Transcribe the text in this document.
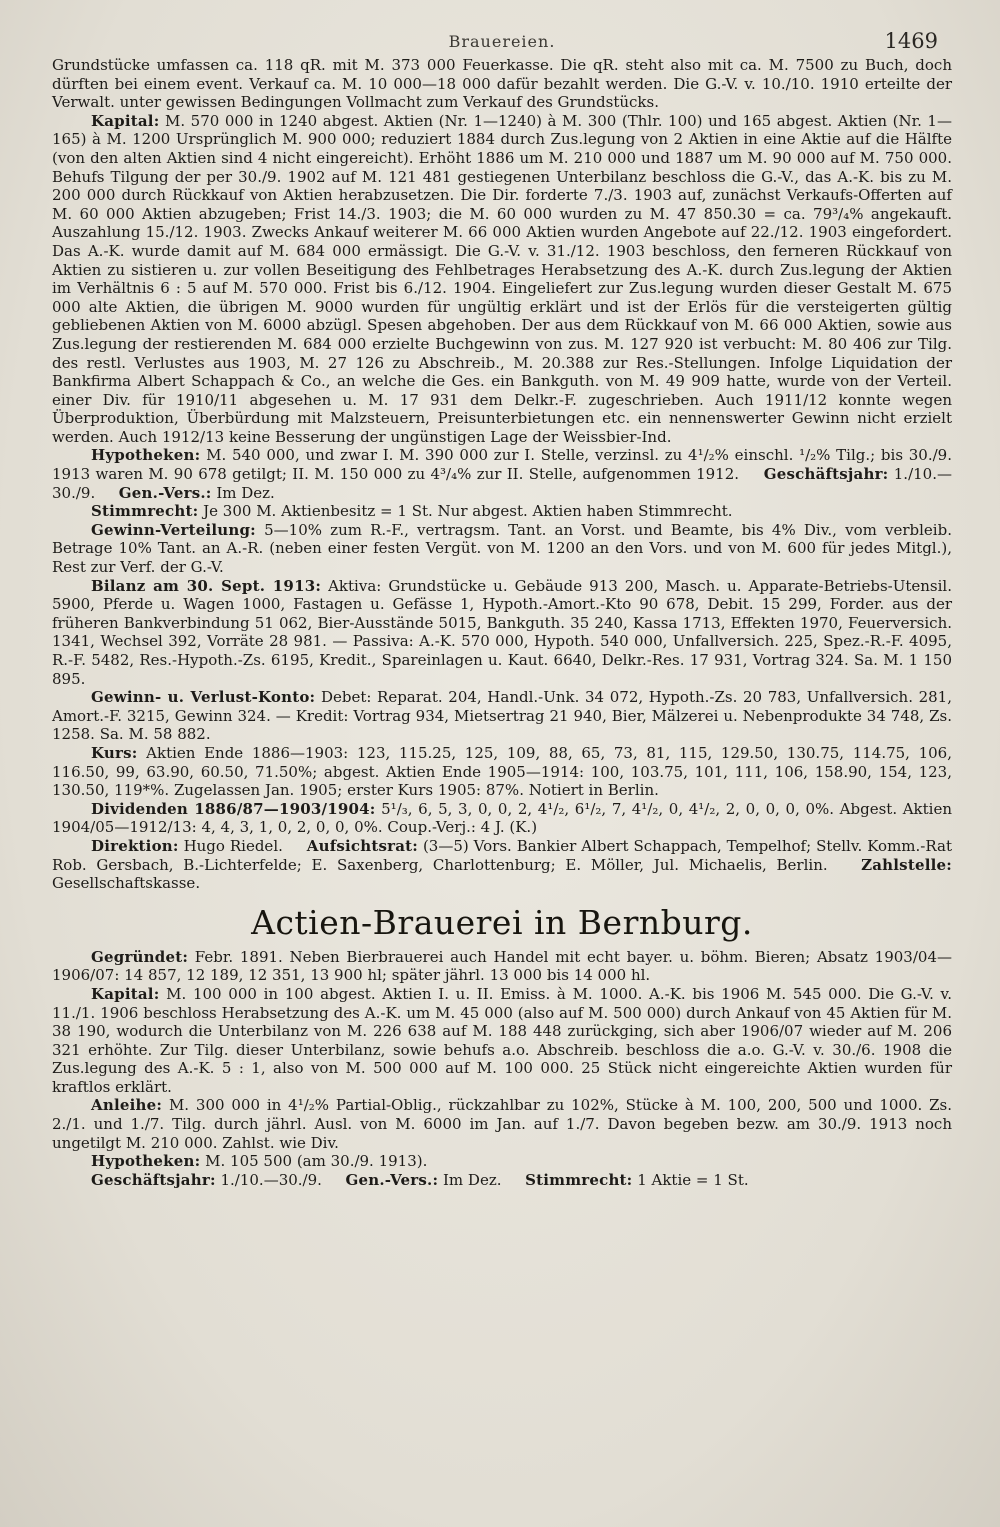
Brauereien.	1469

Grundstücke umfassen ca. 118 qR. mit M. 373 000 Feuerkasse. Die qR. steht also mit ca. M. 7500 zu Buch, doch dürften bei einem event. Verkauf ca. M. 10 000—18 000 dafür bezahlt werden. Die G.-V. v. 10./10. 1910 erteilte der Verwalt. unter gewissen Bedingungen Vollmacht zum Verkauf des Grundstücks.

Kapital: M. 570 000 in 1240 abgest. Aktien (Nr. 1—1240) à M. 300 (Thlr. 100) und 165 abgest. Aktien (Nr. 1—165) à M. 1200 Ursprünglich M. 900 000; reduziert 1884 durch Zus.legung von 2 Aktien in eine Aktie auf die Hälfte (von den alten Aktien sind 4 nicht eingereicht). Erhöht 1886 um M. 210 000 und 1887 um M. 90 000 auf M. 750 000. Behufs Tilgung der per 30./9. 1902 auf M. 121 481 gestiegenen Unterbilanz beschloss die G.-V., das A.-K. bis zu M. 200 000 durch Rückkauf von Aktien herabzusetzen. Die Dir. forderte 7./3. 1903 auf, zunächst Verkaufs-Offerten auf M. 60 000 Aktien abzugeben; Frist 14./3. 1903; die M. 60 000 wurden zu M. 47 850.30 = ca. 79³/₄% angekauft. Auszahlung 15./12. 1903. Zwecks Ankauf weiterer M. 66 000 Aktien wurden Angebote auf 22./12. 1903 eingefordert. Das A.-K. wurde damit auf M. 684 000 ermässigt. Die G.-V. v. 31./12. 1903 beschloss, den ferneren Rückkauf von Aktien zu sistieren u. zur vollen Beseitigung des Fehlbetrages Herabsetzung des A.-K. durch Zus.legung der Aktien im Verhältnis 6 : 5 auf M. 570 000. Frist bis 6./12. 1904. Eingeliefert zur Zus.legung wurden dieser Gestalt M. 675 000 alte Aktien, die übrigen M. 9000 wurden für ungültig erklärt und ist der Erlös für die versteigerten gültig gebliebenen Aktien von M. 6000 abzügl. Spesen abgehoben. Der aus dem Rückkauf von M. 66 000 Aktien, sowie aus Zus.legung der restierenden M. 684 000 erzielte Buchgewinn von zus. M. 127 920 ist verbucht: M. 80 406 zur Tilg. des restl. Verlustes aus 1903, M. 27 126 zu Abschreib., M. 20.388 zur Res.-Stellungen. Infolge Liquidation der Bankfirma Albert Schappach & Co., an welche die Ges. ein Bankguth. von M. 49 909 hatte, wurde von der Verteil. einer Div. für 1910/11 abgesehen u. M. 17 931 dem Delkr.-F. zugeschrieben. Auch 1911/12 konnte wegen Überproduktion, Überbürdung mit Malzsteuern, Preisunterbietungen etc. ein nennenswerter Gewinn nicht erzielt werden. Auch 1912/13 keine Besserung der ungünstigen Lage der Weissbier-Ind.

Hypotheken: M. 540 000, und zwar I. M. 390 000 zur I. Stelle, verzinsl. zu 4¹/₂% einschl. ¹/₂% Tilg.; bis 30./9. 1913 waren M. 90 678 getilgt; II. M. 150 000 zu 4³/₄% zur II. Stelle, aufgenommen 1912. Geschäftsjahr: 1./10.—30./9. Gen.-Vers.: Im Dez.

Stimmrecht: Je 300 M. Aktienbesitz = 1 St. Nur abgest. Aktien haben Stimmrecht.

Gewinn-Verteilung: 5—10% zum R.-F., vertragsm. Tant. an Vorst. und Beamte, bis 4% Div., vom verbleib. Betrage 10% Tant. an A.-R. (neben einer festen Vergüt. von M. 1200 an den Vors. und von M. 600 für jedes Mitgl.), Rest zur Verf. der G.-V.

Bilanz am 30. Sept. 1913: Aktiva: Grundstücke u. Gebäude 913 200, Masch. u. Apparate-Betriebs-Utensil. 5900, Pferde u. Wagen 1000, Fastagen u. Gefässe 1, Hypoth.-Amort.-Kto 90 678, Debit. 15 299, Forder. aus der früheren Bankverbindung 51 062, Bier-Ausstände 5015, Bankguth. 35 240, Kassa 1713, Effekten 1970, Feuerversich. 1341, Wechsel 392, Vorräte 28 981. — Passiva: A.-K. 570 000, Hypoth. 540 000, Unfallversich. 225, Spez.-R.-F. 4095, R.-F. 5482, Res.-Hypoth.-Zs. 6195, Kredit., Spareinlagen u. Kaut. 6640, Delkr.-Res. 17 931, Vortrag 324. Sa. M. 1 150 895.

Gewinn- u. Verlust-Konto: Debet: Reparat. 204, Handl.-Unk. 34 072, Hypoth.-Zs. 20 783, Unfallversich. 281, Amort.-F. 3215, Gewinn 324. — Kredit: Vortrag 934, Mietsertrag 21 940, Bier, Mälzerei u. Nebenprodukte 34 748, Zs. 1258. Sa. M. 58 882.

Kurs: Aktien Ende 1886—1903: 123, 115.25, 125, 109, 88, 65, 73, 81, 115, 129.50, 130.75, 114.75, 106, 116.50, 99, 63.90, 60.50, 71.50%; abgest. Aktien Ende 1905—1914: 100, 103.75, 101, 111, 106, 158.90, 154, 123, 130.50, 119*%. Zugelassen Jan. 1905; erster Kurs 1905: 87%. Notiert in Berlin.

Dividenden 1886/87—1903/1904: 5¹/₃, 6, 5, 3, 0, 0, 2, 4¹/₂, 6¹/₂, 7, 4¹/₂, 0, 4¹/₂, 2, 0, 0, 0, 0%. Abgest. Aktien 1904/05—1912/13: 4, 4, 3, 1, 0, 2, 0, 0, 0%. Coup.-Verj.: 4 J. (K.)

Direktion: Hugo Riedel. Aufsichtsrat: (3—5) Vors. Bankier Albert Schappach, Tempelhof; Stellv. Komm.-Rat Rob. Gersbach, B.-Lichterfelde; E. Saxenberg, Charlottenburg; E. Möller, Jul. Michaelis, Berlin. Zahlstelle: Gesellschaftskasse.

Actien-Brauerei in Bernburg.

Gegründet: Febr. 1891. Neben Bierbrauerei auch Handel mit echt bayer. u. böhm. Bieren; Absatz 1903/04—1906/07: 14 857, 12 189, 12 351, 13 900 hl; später jährl. 13 000 bis 14 000 hl.

Kapital: M. 100 000 in 100 abgest. Aktien I. u. II. Emiss. à M. 1000. A.-K. bis 1906 M. 545 000. Die G.-V. v. 11./1. 1906 beschloss Herabsetzung des A.-K. um M. 45 000 (also auf M. 500 000) durch Ankauf von 45 Aktien für M. 38 190, wodurch die Unterbilanz von M. 226 638 auf M. 188 448 zurückging, sich aber 1906/07 wieder auf M. 206 321 erhöhte. Zur Tilg. dieser Unterbilanz, sowie behufs a.o. Abschreib. beschloss die a.o. G.-V. v. 30./6. 1908 die Zus.legung des A.-K. 5 : 1, also von M. 500 000 auf M. 100 000. 25 Stück nicht eingereichte Aktien wurden für kraftlos erklärt.

Anleihe: M. 300 000 in 4¹/₂% Partial-Oblig., rückzahlbar zu 102%, Stücke à M. 100, 200, 500 und 1000. Zs. 2./1. und 1./7. Tilg. durch jährl. Ausl. von M. 6000 im Jan. auf 1./7. Davon begeben bezw. am 30./9. 1913 noch ungetilgt M. 210 000. Zahlst. wie Div.

Hypotheken: M. 105 500 (am 30./9. 1913).

Geschäftsjahr: 1./10.—30./9. Gen.-Vers.: Im Dez. Stimmrecht: 1 Aktie = 1 St.
